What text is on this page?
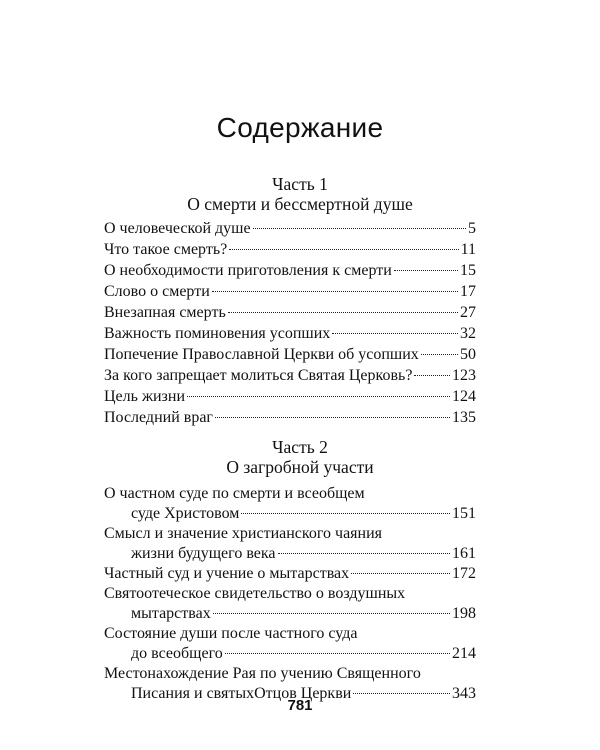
Содержание
Часть 1
О смерти и бессмертной душе
О человеческой душе	5
Что такое смерть?	11
О необходимости приготовления к смерти	15
Слово о смерти	17
Внезапная смерть	27
Важность поминовения усопших	32
Попечение Православной Церкви об усопших	50
За кого запрещает молиться Святая Церковь? 123
Цель жизни	124
Последний враг	135
Часть 2
О загробной участи
О частном суде по смерти и всеобщем
суде Христовом	151
Смысл и значение христианского чаяния
жизни будущего века	161
Частный суд и учение о мытарствах	172
Святоотеческое свидетельство о воздушных
мытарствах	198
Состояние души после частного суда
до всеобщего	214
Местонахождение Рая по учению Священного
Писания и святыхОтцов Церкви	343
781
